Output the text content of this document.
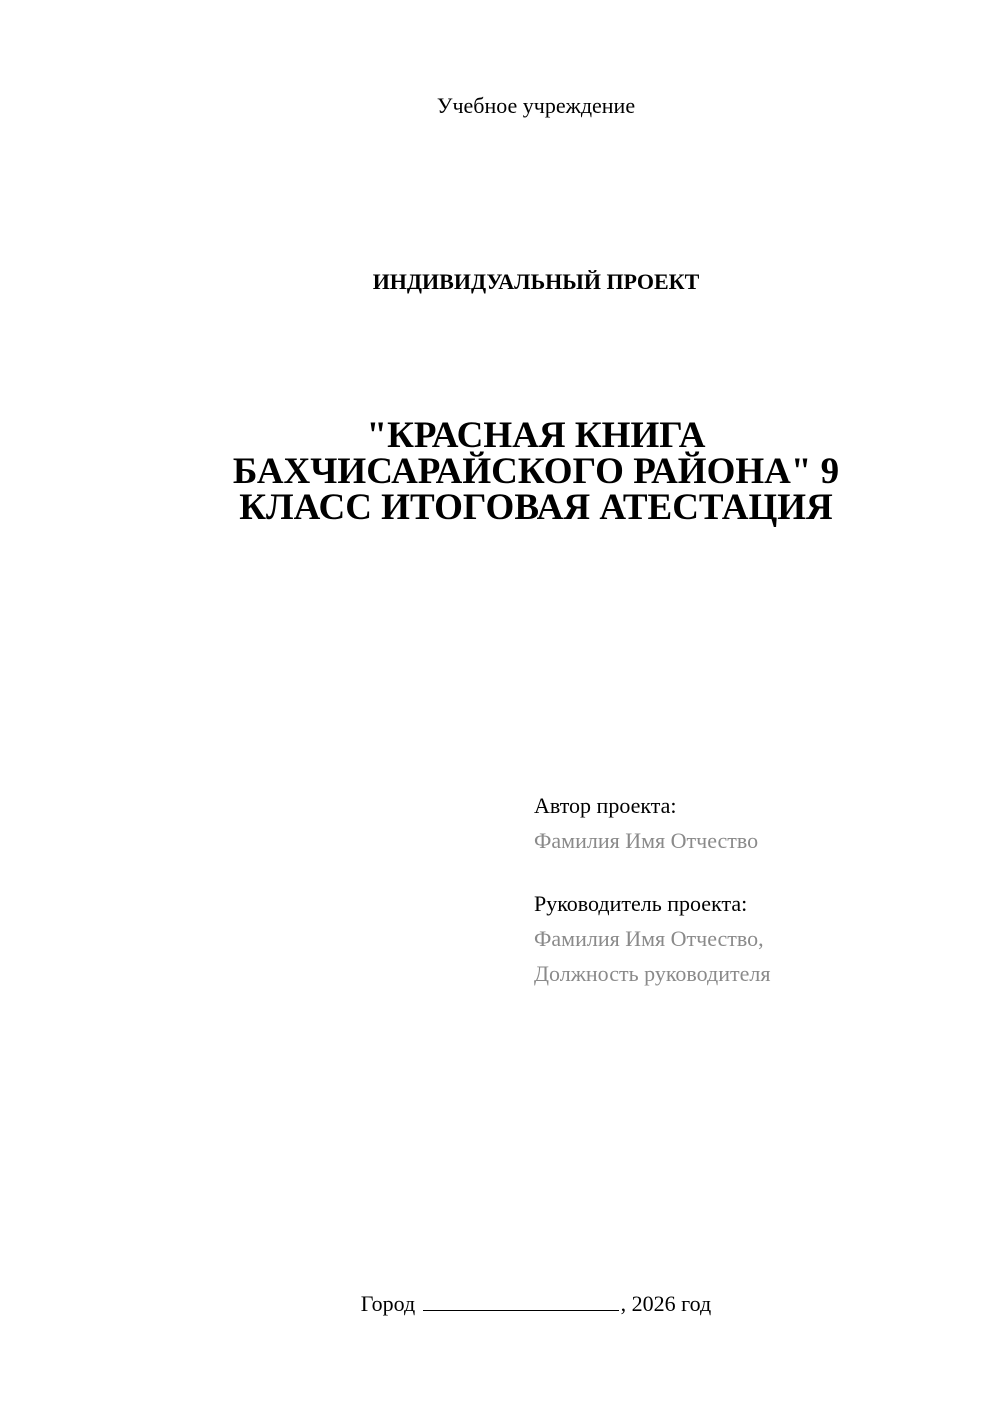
Учебное учреждение
ИНДИВИДУАЛЬНЫЙ ПРОЕКТ
"КРАСНАЯ КНИГА
БАХЧИСАРАЙСКОГО РАЙОНА" 9
КЛАСС ИТОГОВАЯ АТЕСТАЦИЯ
Автор проекта:
Фамилия Имя Отчество
Руководитель проекта:
Фамилия Имя Отчество,
Должность руководителя
Город	, 2026 год
